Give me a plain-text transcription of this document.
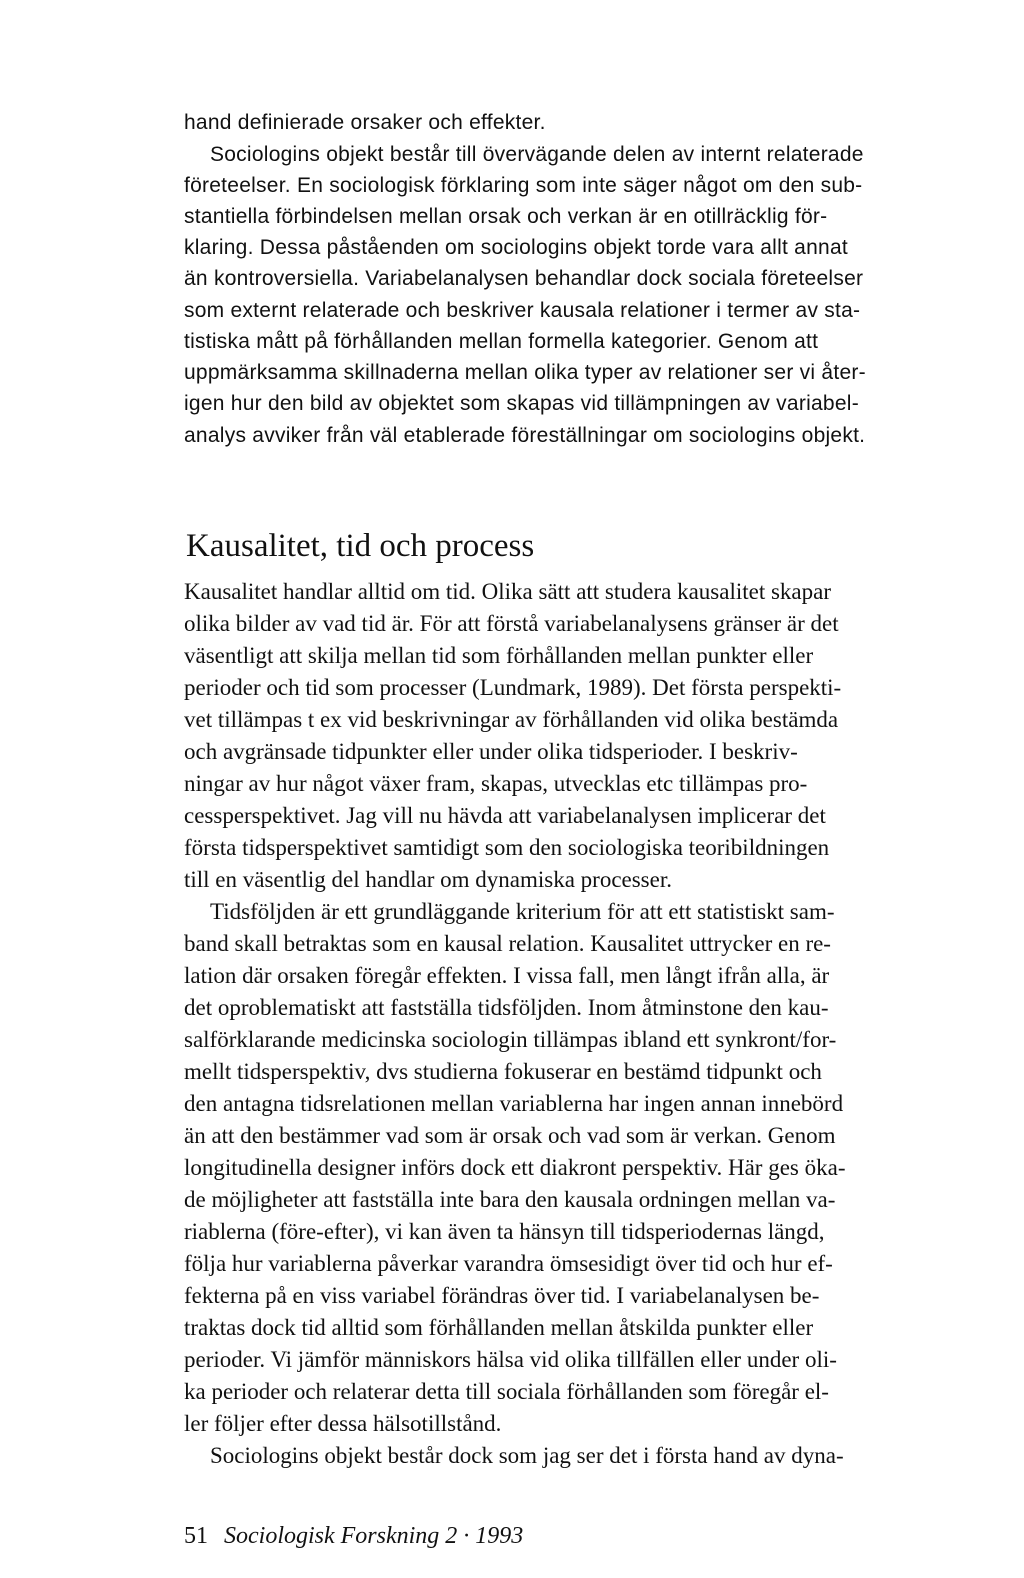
hand definierade orsaker och effekter.
Sociologins objekt består till övervägande delen av internt relaterade
företeelser. En sociologisk förklaring som inte säger något om den sub-
stantiella förbindelsen mellan orsak och verkan är en otillräcklig för-
klaring. Dessa påståenden om sociologins objekt torde vara allt annat
än kontroversiella. Variabelanalysen behandlar dock sociala företeelser
som externt relaterade och beskriver kausala relationer i termer av sta-
tistiska mått på förhållanden mellan formella kategorier. Genom att
uppmärksamma skillnaderna mellan olika typer av relationer ser vi åter-
igen hur den bild av objektet som skapas vid tillämpningen av variabel-
analys avviker från väl etablerade föreställningar om sociologins objekt.
Kausalitet, tid och process
Kausalitet handlar alltid om tid. Olika sätt att studera kausalitet skapar
olika bilder av vad tid är. För att förstå variabelanalysens gränser är det
väsentligt att skilja mellan tid som förhållanden mellan punkter eller
perioder och tid som processer (Lundmark, 1989). Det första perspekti-
vet tillämpas t ex vid beskrivningar av förhållanden vid olika bestämda
och avgränsade tidpunkter eller under olika tidsperioder. I beskriv-
ningar av hur något växer fram, skapas, utvecklas etc tillämpas pro-
cessperspektivet. Jag vill nu hävda att variabelanalysen implicerar det
första tidsperspektivet samtidigt som den sociologiska teoribildningen
till en väsentlig del handlar om dynamiska processer.
Tidsföljden är ett grundläggande kriterium för att ett statistiskt sam-
band skall betraktas som en kausal relation. Kausalitet uttrycker en re-
lation där orsaken föregår effekten. I vissa fall, men långt ifrån alla, är
det oproblematiskt att fastställa tidsföljden. Inom åtminstone den kau-
salförklarande medicinska sociologin tillämpas ibland ett synkront/for-
mellt tidsperspektiv, dvs studierna fokuserar en bestämd tidpunkt och
den antagna tidsrelationen mellan variablerna har ingen annan innebörd
än att den bestämmer vad som är orsak och vad som är verkan. Genom
longitudinella designer införs dock ett diakront perspektiv. Här ges öka-
de möjligheter att fastställa inte bara den kausala ordningen mellan va-
riablerna (före-efter), vi kan även ta hänsyn till tidsperiodernas längd,
följa hur variablerna påverkar varandra ömsesidigt över tid och hur ef-
fekterna på en viss variabel förändras över tid. I variabelanalysen be-
traktas dock tid alltid som förhållanden mellan åtskilda punkter eller
perioder. Vi jämför människors hälsa vid olika tillfällen eller under oli-
ka perioder och relaterar detta till sociala förhållanden som föregår el-
ler följer efter dessa hälsotillstånd.
Sociologins objekt består dock som jag ser det i första hand av dyna-
51 Sociologisk Forskning 2 · 1993
